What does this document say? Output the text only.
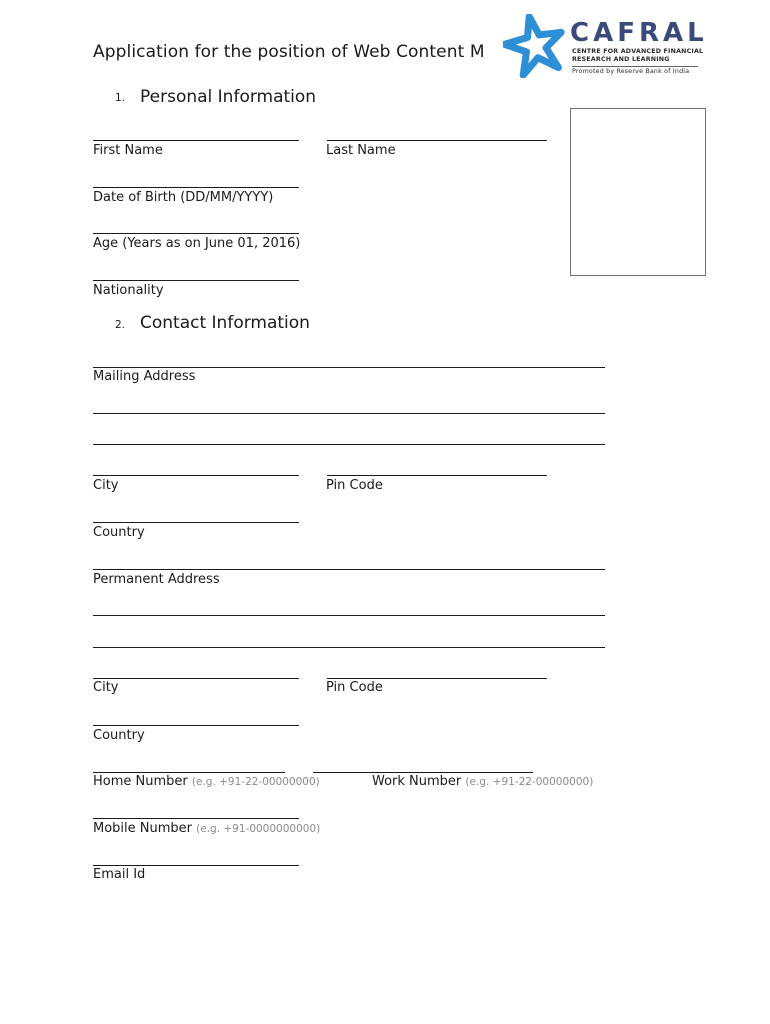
Application for the position of Web Content M
CAFRAL
CENTRE FOR ADVANCED FINANCIAL
RESEARCH AND LEARNING
Promoted by Reserve Bank of India
1. Personal Information
First Name	Last Name
Date of Birth (DD/MM/YYYY)
Age (Years as on June 01, 2016)
Nationality
2. Contact Information
Mailing Address
City	Pin Code
Country
Permanent Address
City	Pin Code
Country
Home Number (e.g. +91-22-00000000)	Work Number (e.g. +91-22-00000000)
Mobile Number (e.g. +91-0000000000)
Email Id
